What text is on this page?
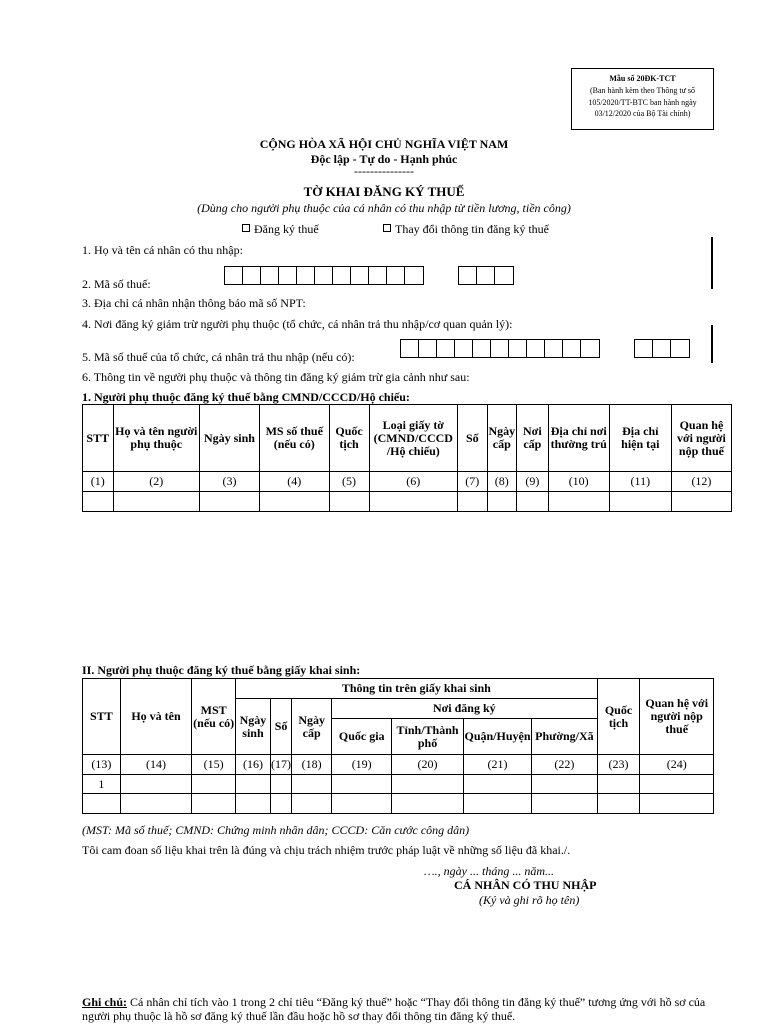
Mẫu số 20ĐK-TCT
(Ban hành kèm theo Thông tư số
105/2020/TT-BTC ban hành ngày
03/12/2020 của Bộ Tài chính)
CỘNG HÒA XÃ HỘI CHỦ NGHĨA VIỆT NAM
Độc lập - Tự do - Hạnh phúc
---------------
TỜ KHAI ĐĂNG KÝ THUẾ
(Dùng cho người phụ thuộc của cá nhân có thu nhập từ tiền lương, tiền công)
Đăng ký thuế	Thay đổi thông tin đăng ký thuế
1. Họ và tên cá nhân có thu nhập:
2. Mã số thuế:
3. Địa chỉ cá nhân nhận thông báo mã số NPT:
4. Nơi đăng ký giảm trừ người phụ thuộc (tổ chức, cá nhân trả thu nhập/cơ quan quản lý):
5. Mã số thuế của tổ chức, cá nhân trả thu nhập (nếu có):
6. Thông tin về người phụ thuộc và thông tin đăng ký giảm trừ gia cảnh như sau:
1. Người phụ thuộc đăng ký thuế bằng CMND/CCCD/Hộ chiếu:
STT	Họ và tên người phụ thuộc	Ngày sinh	MS số thuế (nếu có)	Quốc tịch	Loại giấy tờ (CMND/CCCD /Hộ chiếu)	Số	Ngày cấp	Nơi cấp	Địa chỉ nơi thường trú	Địa chỉ hiện tại	Quan hệ với người nộp thuế
(1)	(2)	(3)	(4)	(5)	(6)	(7)	(8)	(9)	(10)	(11)	(12)

II. Người phụ thuộc đăng ký thuế bằng giấy khai sinh:
STT	Họ và tên	MST (nếu có)	Thông tin trên giấy khai sinh							Quốc tịch	Quan hệ với người nộp thuế
			Ngày sinh	Số	Ngày cấp	Nơi đăng ký					
						Quốc gia	Tỉnh/Thành phố	Quận/Huyện	Phường/Xã		
(13)	(14)	(15)	(16)	(17)	(18)	(19)	(20)	(21)	(22)	(23)	(24)
1											

(MST: Mã số thuế; CMND: Chứng minh nhân dân; CCCD: Căn cước công dân)
Tôi cam đoan số liệu khai trên là đúng và chịu trách nhiệm trước pháp luật về những số liệu đã khai./.
…., ngày ... tháng ... năm...
CÁ NHÂN CÓ THU NHẬP
(Ký và ghi rõ họ tên)
Ghi chú: Cá nhân chỉ tích vào 1 trong 2 chỉ tiêu “Đăng ký thuế” hoặc “Thay đổi thông tin đăng ký thuế” tương ứng với hồ sơ của người phụ thuộc là hồ sơ đăng ký thuế lần đầu hoặc hồ sơ thay đổi thông tin đăng ký thuế.
